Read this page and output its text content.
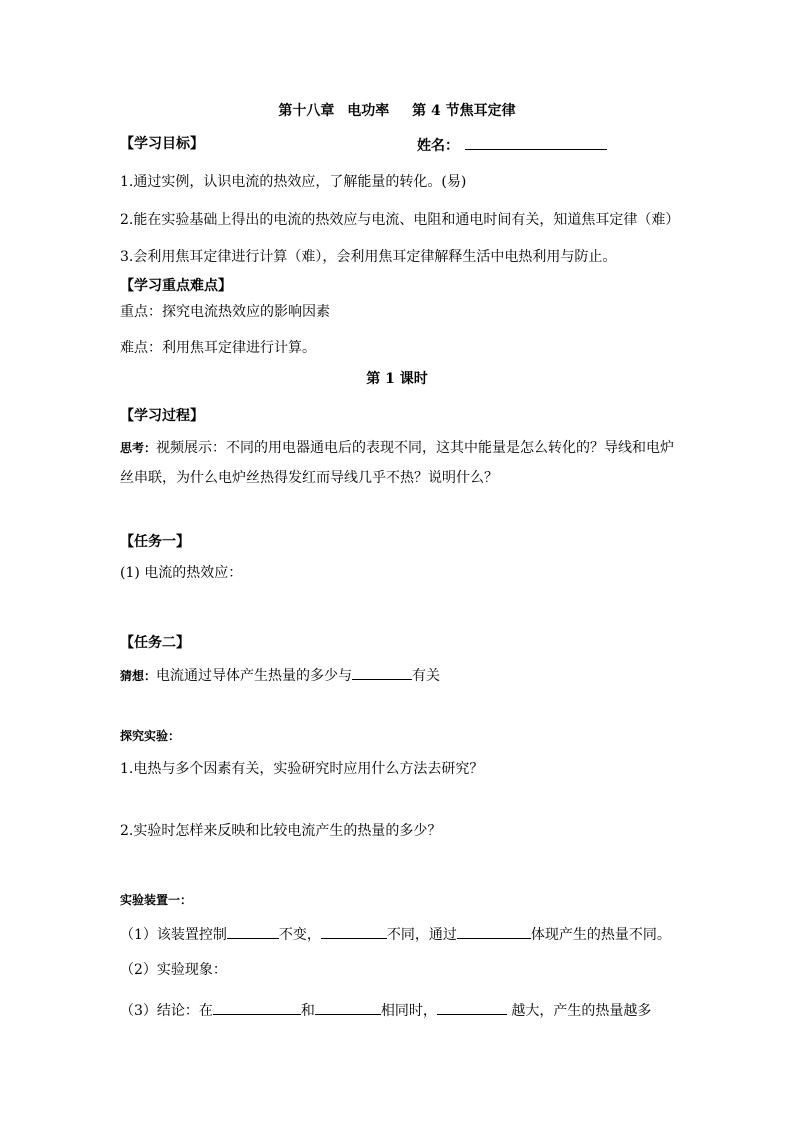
第十八章 电功率 第 4 节焦耳定律
【学习目标】	姓名：
1.通过实例，认识电流的热效应，了解能量的转化。(易)
2.能在实验基础上得出的电流的热效应与电流、电阻和通电时间有关，知道焦耳定律（难）
3.会利用焦耳定律进行计算（难），会利用焦耳定律解释生活中电热利用与防止。
【学习重点难点】
重点：探究电流热效应的影响因素
难点：利用焦耳定律进行计算。
第 1 课时
【学习过程】
思考：视频展示：不同的用电器通电后的表现不同，这其中能量是怎么转化的？导线和电炉
丝串联，为什么电炉丝热得发红而导线几乎不热？说明什么？
【任务一】
(1) 电流的热效应：
【任务二】
猜想：电流通过导体产生热量的多少与	有关
探究实验：
1.电热与多个因素有关，实验研究时应用什么方法去研究？
2.实验时怎样来反映和比较电流产生的热量的多少？
实验装置一：
（1）该装置控制	不变，	不同，通过	体现产生的热量不同。
（2）实验现象：
（3）结论：在	和	相同时，	越大，产生的热量越多
